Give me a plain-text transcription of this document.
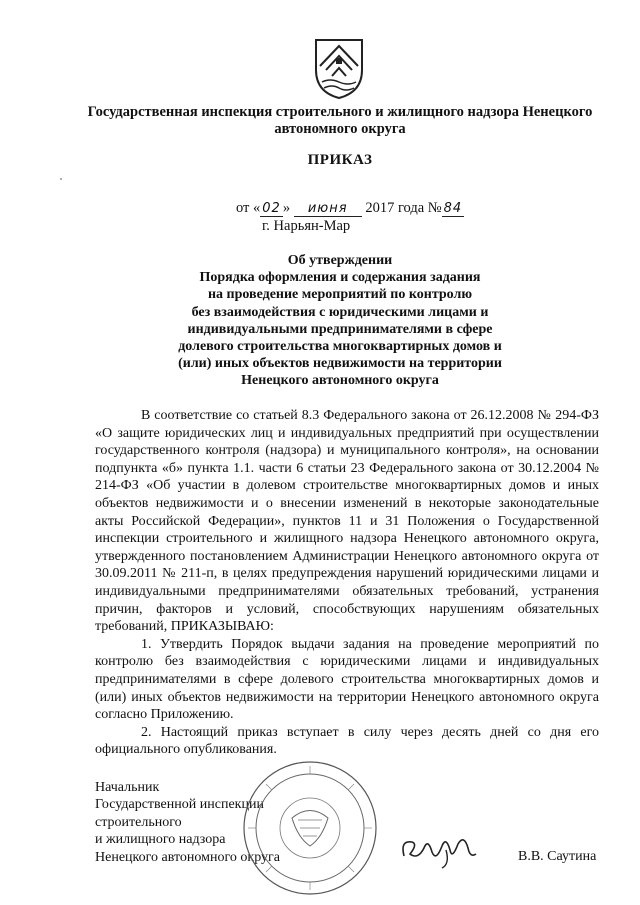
Государственная инспекция строительного и жилищного надзора Ненецкого автономного округа
ПРИКАЗ
от « 02 » июня 2017 года № 84
г. Нарьян-Мар
Об утверждении
Порядка оформления и содержания задания
на проведение мероприятий по контролю
без взаимодействия с юридическими лицами и
индивидуальными предпринимателями в сфере
долевого строительства многоквартирных домов и
(или) иных объектов недвижимости на территории
Ненецкого автономного округа

В соответствие со статьей 8.3 Федерального закона от 26.12.2008 № 294-ФЗ «О защите юридических лиц и индивидуальных предприятий при осуществлении государственного контроля (надзора) и муниципального контроля», на основании подпункта «б» пункта 1.1. части 6 статьи 23 Федерального закона от 30.12.2004 № 214-ФЗ «Об участии в долевом строительстве многоквартирных домов и иных объектов недвижимости и о внесении изменений в некоторые законодательные акты Российской Федерации», пунктов 11 и 31 Положения о Государственной инспекции строительного и жилищного надзора Ненецкого автономного округа, утвержденного постановлением Администрации Ненецкого автономного округа от 30.09.2011 № 211-п, в целях предупреждения нарушений юридическими лицами и индивидуальными предпринимателями обязательных требований, устранения причин, факторов и условий, способствующих нарушениям обязательных требований, ПРИКАЗЫВАЮ:

1. Утвердить Порядок выдачи задания на проведение мероприятий по контролю без взаимодействия с юридическими лицами и индивидуальных предпринимателями в сфере долевого строительства многоквартирных домов и (или) иных объектов недвижимости на территории Ненецкого автономного округа согласно Приложению.

2. Настоящий приказ вступает в силу через десять дней со дня его официального опубликования.

Начальник
Государственной инспекции
строительного
и жилищного надзора
Ненецкого автономного округа	В.В. Саутина
